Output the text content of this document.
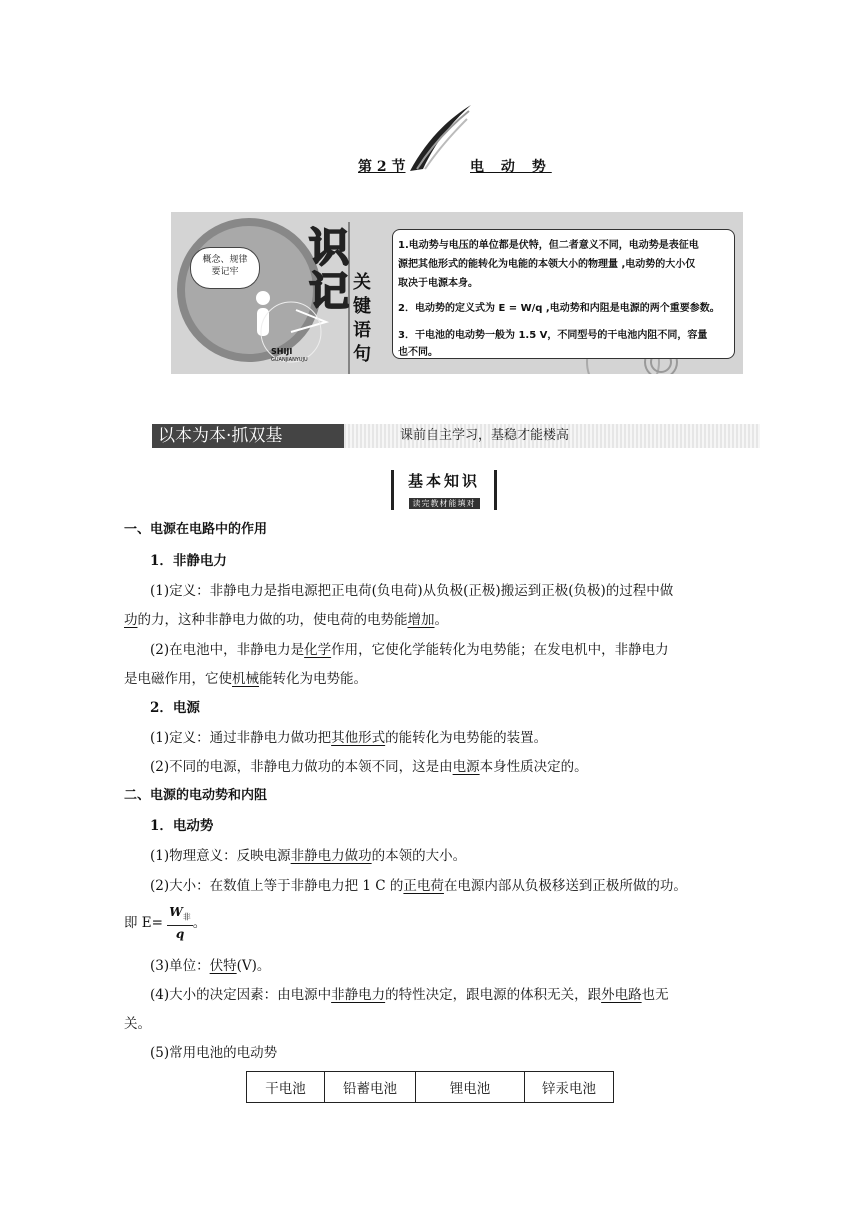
第 2 节	电 动 势
识
记 关
键
语
句
SHIJI
GUANJIANYUJU
概念、规律
要记牢
1.电动势与电压的单位都是伏特，但二者意义不同，电动势是表征电
源把其他形式的能转化为电能的本领大小的物理量 ,电动势的大小仅
取决于电源本身。
2．电动势的定义式为 E = W/q ,电动势和内阻是电源的两个重要参数。
3．干电池的电动势一般为 1.5 V，不同型号的干电池内阻不同，容量
也不同。
以本为本·抓双基	课前自主学习，基稳才能楼高
基本知识
读完教材能填对
一、电源在电路中的作用
1．非静电力
(1)定义：非静电力是指电源把正电荷(负电荷)从负极(正极)搬运到正极(负极)的过程中做
功的力，这种非静电力做的功，使电荷的电势能增加。
(2)在电池中，非静电力是化学作用，它使化学能转化为电势能；在发电机中，非静电力
是电磁作用，它使机械能转化为电势能。
2．电源
(1)定义：通过非静电力做功把其他形式的能转化为电势能的装置。
(2)不同的电源，非静电力做功的本领不同，这是由电源本身性质决定的。
二、电源的电动势和内阻
1．电动势
(1)物理意义：反映电源非静电力做功的本领的大小。
(2)大小：在数值上等于非静电力把 1 C 的正电荷在电源内部从负极移送到正极所做的功。
即 E=
$W_非$
q
。
(3)单位：伏特(V)。
(4)大小的决定因素：由电源中非静电力的特性决定，跟电源的体积无关，跟外电路也无
关。
(5)常用电池的电动势
干电池	铅蓄电池	锂电池	锌汞电池
